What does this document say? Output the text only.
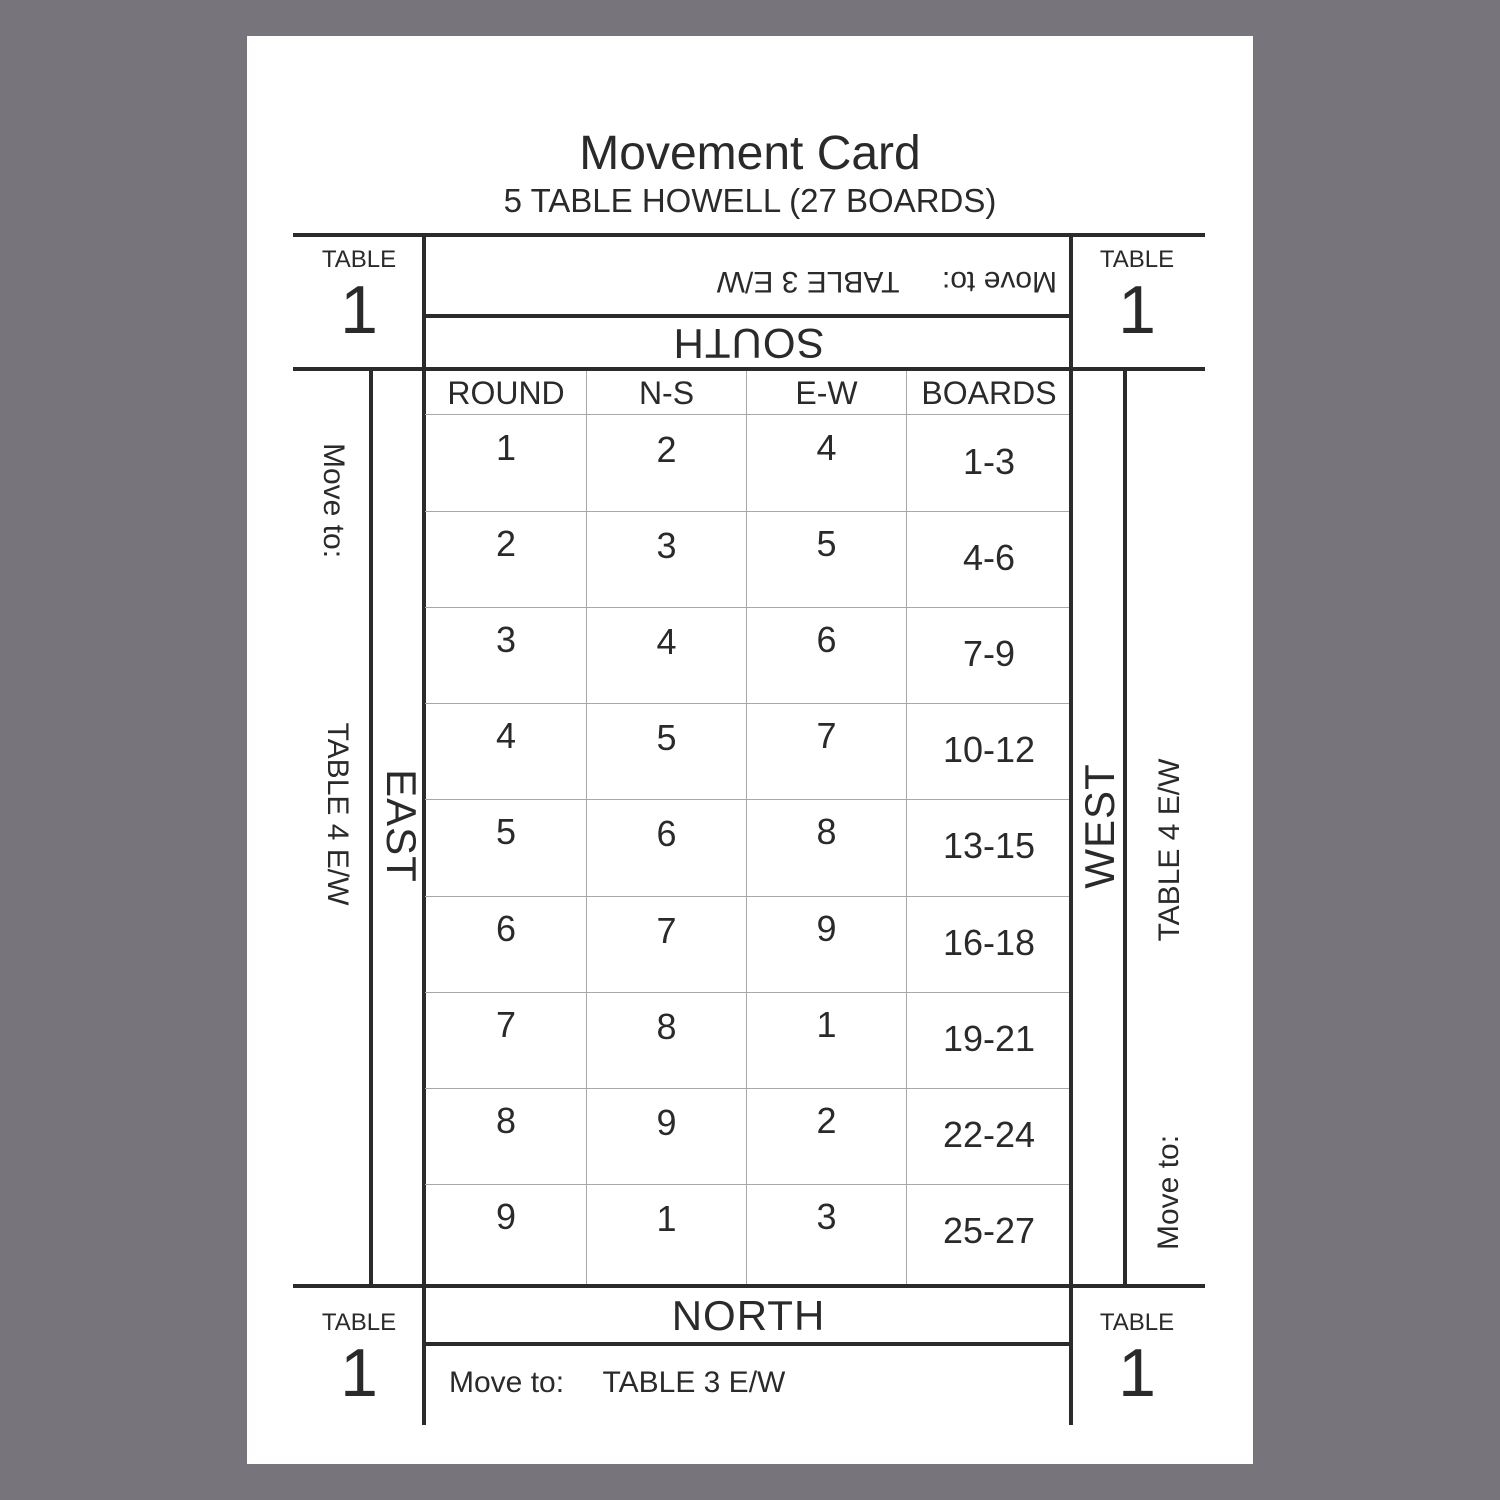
Movement Card
5 TABLE HOWELL (27 BOARDS)
TABLE
1
TABLE
1
TABLE
1
TABLE
1
Move to: TABLE 3 E/W
SOUTH
NORTH
Move to: TABLE 3 E/W
Move to:
TABLE 4 E/W EAST	WEST TABLE 4 E/W
Move to:
ROUND	N-S	E-W	BOARDS
1	2	4	1-3
2	3	5	4-6
3	4	6	7-9
4	5	7	10-12
5	6	8	13-15
6	7	9	16-18
7	8	1	19-21
8	9	2	22-24
9	1	3	25-27
